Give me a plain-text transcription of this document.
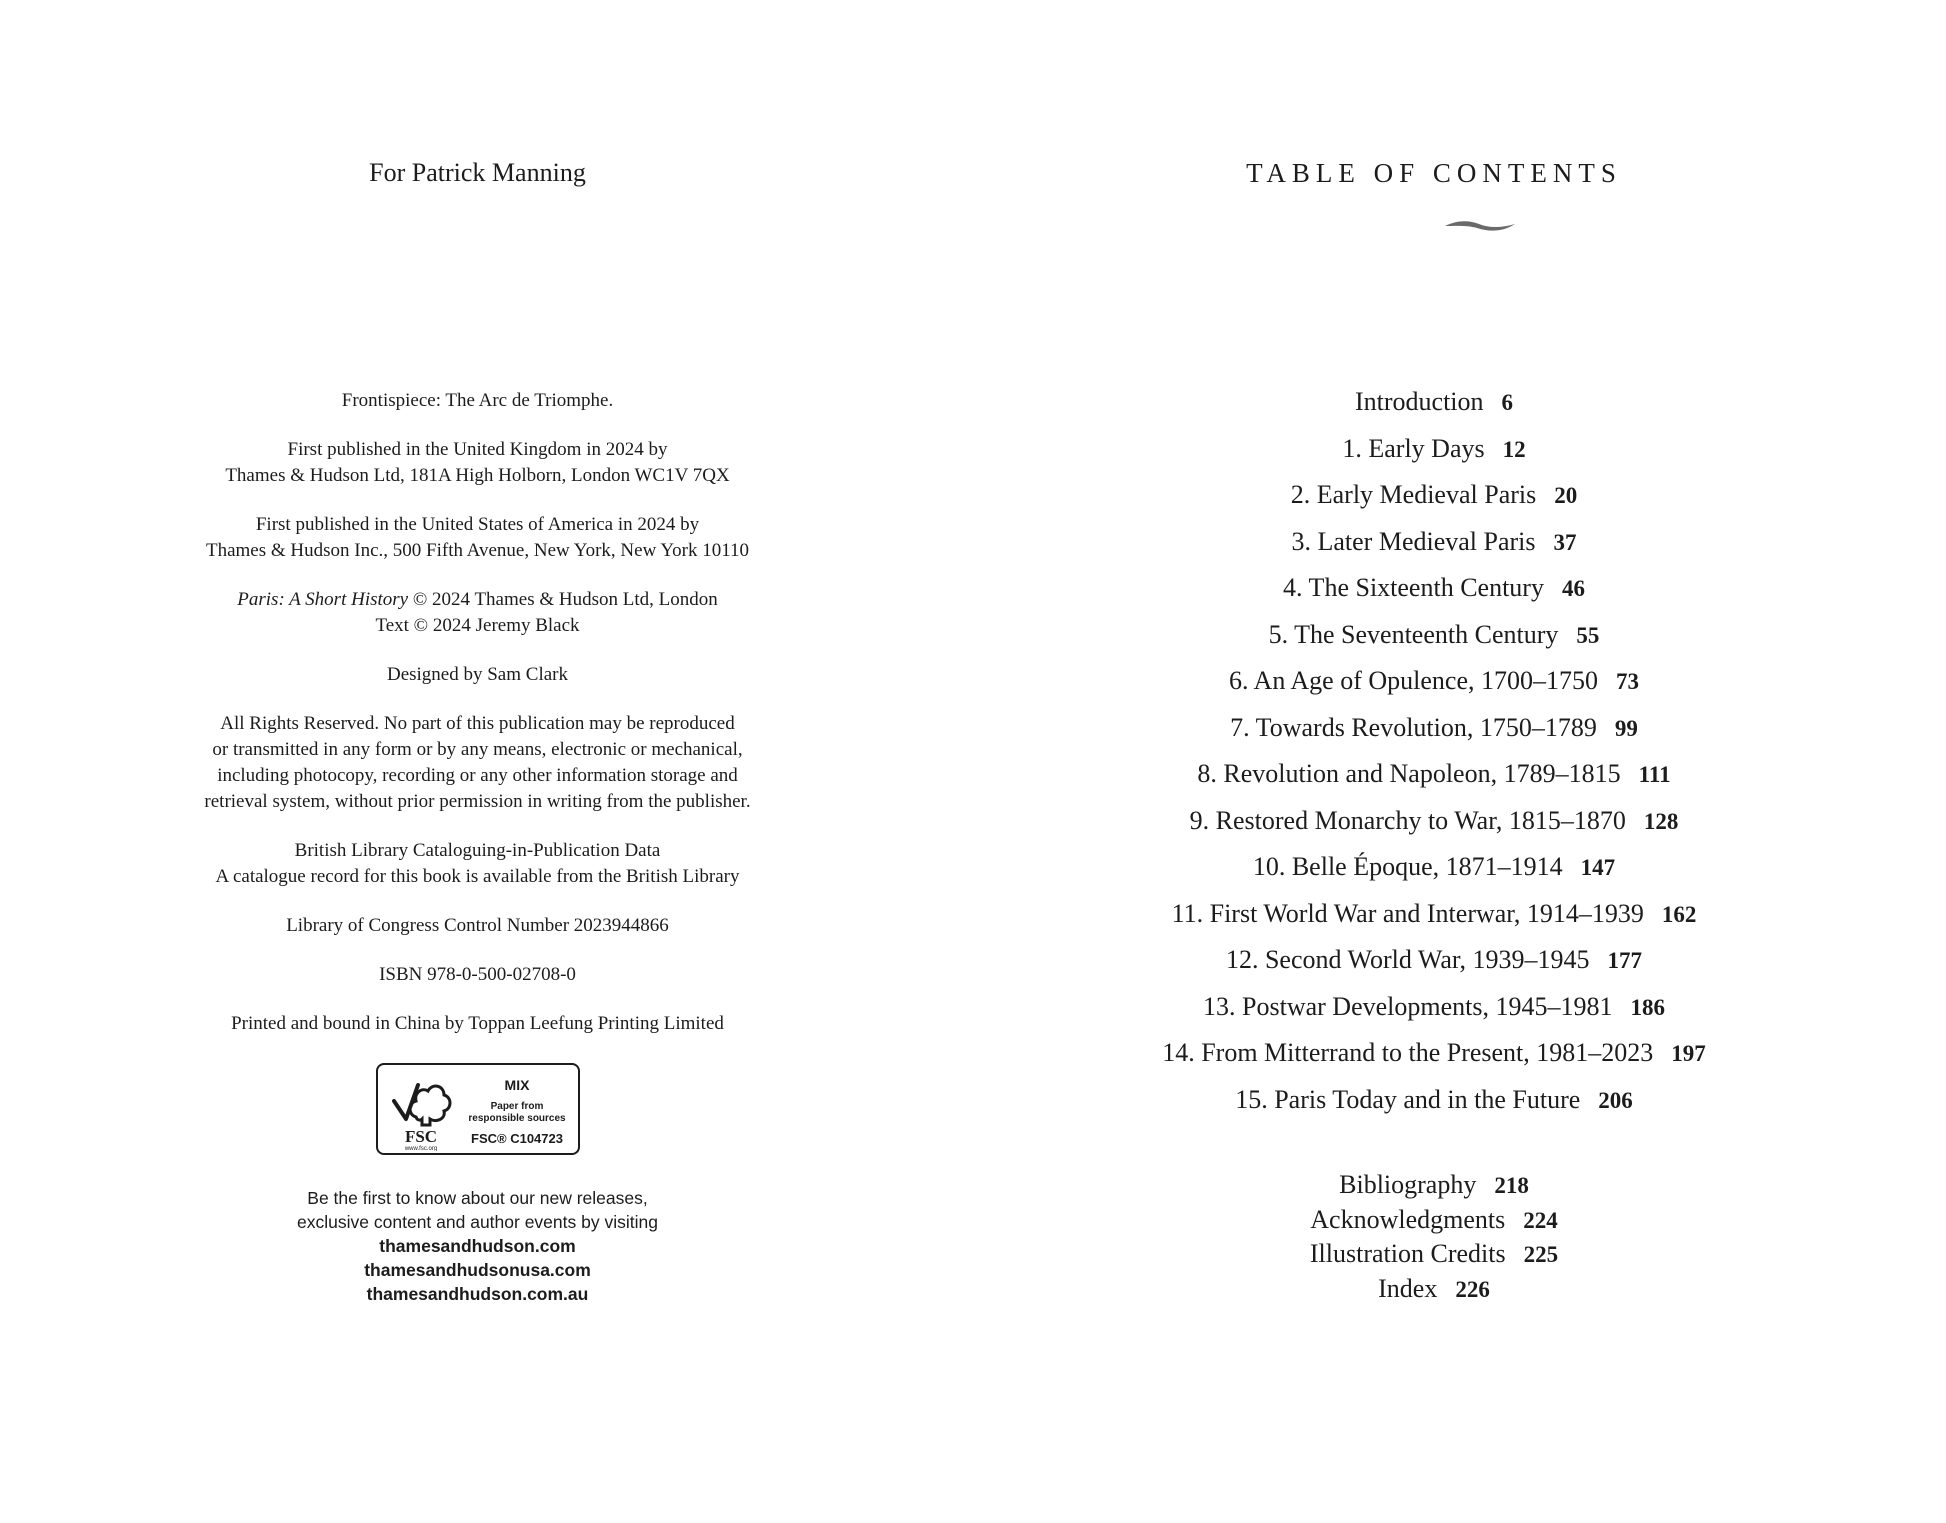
For Patrick Manning

Frontispiece: The Arc de Triomphe.

First published in the United Kingdom in 2024 by
Thames & Hudson Ltd, 181A High Holborn, London WC1V 7QX

First published in the United States of America in 2024 by
Thames & Hudson Inc., 500 Fifth Avenue, New York, New York 10110

Paris: A Short History © 2024 Thames & Hudson Ltd, London
Text © 2024 Jeremy Black

Designed by Sam Clark

All Rights Reserved. No part of this publication may be reproduced
or transmitted in any form or by any means, electronic or mechanical,
including photocopy, recording or any other information storage and
retrieval system, without prior permission in writing from the publisher.

British Library Cataloguing-in-Publication Data
A catalogue record for this book is available from the British Library

Library of Congress Control Number 2023944866

ISBN 978-0-500-02708-0

Printed and bound in China by Toppan Leefung Printing Limited

FSC
www.fsc.org
MIX
Paper from
responsible sources
FSC® C104723
Be the first to know about our new releases,
exclusive content and author events by visiting
thamesandhudson.com
thamesandhudsonusa.com
thamesandhudson.com.au
TABLE OF CONTENTS
Introduction 6
1. Early Days 12
2. Early Medieval Paris 20
3. Later Medieval Paris 37
4. The Sixteenth Century 46
5. The Seventeenth Century 55
6. An Age of Opulence, 1700–1750 73
7. Towards Revolution, 1750–1789 99
8. Revolution and Napoleon, 1789–1815 111
9. Restored Monarchy to War, 1815–1870 128
10. Belle Époque, 1871–1914 147
11. First World War and Interwar, 1914–1939 162
12. Second World War, 1939–1945 177
13. Postwar Developments, 1945–1981 186
14. From Mitterrand to the Present, 1981–2023 197
15. Paris Today and in the Future 206
Bibliography 218
Acknowledgments 224
Illustration Credits 225
Index 226
